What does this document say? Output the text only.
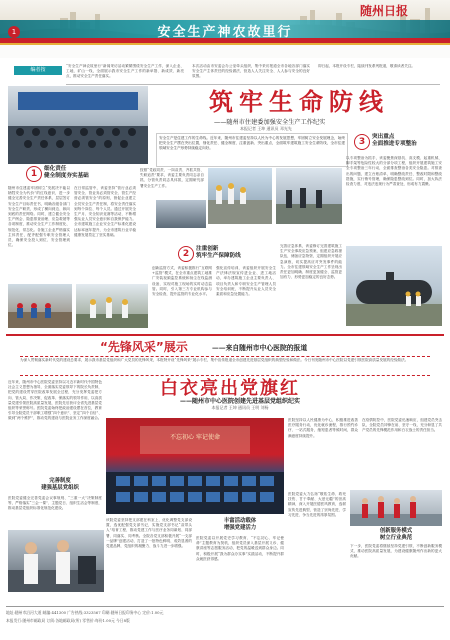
安全生产神农故里行
随州日报
1
编者按
“安全生产神农故里行”新闻采访活动紧紧围绕安全生产工作，深入企业、工地、矿山一线，全面展示我市安全生产工作的新举措、新成效、新亮点，推动安全生产责任落实。
本次活动由市安委会办公室牵头组织，集中采访报道全市各地各部门落实安全生产主体责任的经验做法，营造人人关注安全、人人参与安全的良好氛围。
即日起，本报开设专栏，陆续刊发系列报道，敬请读者关注。
筑牢生命防线
——随州市住建委加强安全生产工作纪实
本报记者 王坤 通讯员 邓光先
安全生产是住建工作的生命线。近年来，随州市住建委坚持以人民为中心的发展思想，牢固树立安全发展理念，始终把安全生产摆在突出位置，细化责任、健全制度、注重创新、突出重点，全面筑牢建筑施工安全生命防线，全市住建领域安全生产形势持续稳定向好。
3	突出重点
全面推进专项整治
1	细化责任
健全制度夯实基础
随州市住建委牢固树立“发展决不能以牺牲安全为代价”的红线意识，进一步健全完善安全生产责任体系，层层签订安全生产目标责任书，明确各级各部门安全生产职责，形成了横向到边、纵向到底的责任网络。同时，建立健全安全生产例会、隐患排查治理、应急救援等各项制度，推动安全生产工作制度化、规范化、常态化。各施工企业严格落实主体责任，配齐配强专职安全管理人员，确保安全投入到位、安全管理到位。
在日常监管中，该委坚持“管行业必须管安全、管业务必须管安全、管生产经营必须管安全”的原则，督促企业建立全员安全生产责任制，将安全责任落实到每个岗位、每个人员。通过开展安全生产月、安全知识竞赛等活动，不断增强从业人员安全意识和自我保护能力。全市建筑施工企业安全生产标准化建设达标率逐年提升，为全市建筑行业平稳健康发展奠定了坚实基础。
按照“党政同责、一岗双责、齐抓共管、失职追责”要求，该委主要负责同志亲自抓、分管负责同志具体抓，定期研究部署安全生产工作。
以专项整治为抓手，该委聚焦深基坑、高支模、起重机械、脚手架等危险性较大的分部分项工程，组织开展建筑施工安全专项整治三年行动，全面排查整治各类安全隐患。对排查出的问题，建立台账清单，明确整改责任、整改时限和整改措施，实行销号管理，确保隐患整改到位。同时，加大执法检查力度，对违法违规行为严肃查处，形成有力震慑。
2	注重创新
筑牢生产保障防线
创新监管方式，该委积极推行“互联网+监管”模式，在全市重点建筑工地推广安装视频监控系统和扬尘在线监测设备，实现对施工现场的实时动态监管。同时，引入第三方专业机构参与安全检查，提升监管的专业化水平。
强化宣传培训，该委组织开展安全生产法律法规宣传进企业、进工地活动，举办建筑施工企业主要负责人、项目负责人和专职安全生产管理人员安全培训班，不断提升从业人员安全素质和应急处置能力。
完善应急体系，该委修订完善建筑施工生产安全事故应急预案，组建应急救援队伍，储备应急物资，定期组织开展应急演练，切实提高应对突发事件的能力。全市住建领域安全生产工作呈现出责任更加明确、制度更加健全、监管更加有力、形势更加稳定的良好态势。
“先锋风采”展示	——来自随州市中心医院的报道
为深入贯彻落实新时代党的建设总要求，展示我市基层党组织和广大党员的先锋风采，本报特开设“先锋风采”展示专栏，集中宣传报道全市创建先进基层党组织的典型经验和做法。今日刊发随州市中心医院以党建引领医院高质量发展的经验做法。
白衣亮出党旗红
——随州市中心医院创建先进基层党组织纪实
本报记者 王坤 通讯员 王明 刘杨
近年来，随州市中心医院党委坚持以习近平新时代中国特色社会主义思想为指导，全面落实党委领导下的院长负责制，把党的建设贯穿医院改革发展全过程，充分发挥党委把方向、管大局、作决策、促改革、保落实的领导作用，以高质量党建引领医院高质量发展，医院先后获评全省先进基层党组织等荣誉称号。医院党委始终把政治建设摆在首位，教育引导全院党员干部职工增强“四个意识”、坚定“四个自信”、做到“两个维护”，推动党的建设与医院业务工作深度融合。
完善制度
建强基层党组织
医院党委健全完善党委会议事规则、“三重一大”决策制度等，严格落实“三会一课”、主题党日、组织生活会等制度，推动基层党组织标准化规范化建设。
不忘初心 牢记使命
该院党委坚持把支部建在科室上，优化调整党支部设置，选优配强党支部书记，实施党支部书记“双带头人”培育工程，推动党建工作与医疗业务同谋划、同部署、同落实、同考核。全院各党支部积极开展“一支部一品牌”创建活动，打造了一批特色鲜明、成效显著的党建品牌，党组织的凝聚力、战斗力进一步增强。
丰富活动载体
增强党建活力
医院党委以开展党史学习教育、“不忘初心、牢记使命”主题教育为契机，组织党员深入基层开展义诊、健康讲座等志愿服务活动，把党的温暖送到群众身边。同时，积极开展“我为群众办实事”实践活动，不断提升群众就医获得感。
医院坚持以人民健康为中心，积极推进改善医疗服务行动，优化就诊流程，推行预约诊疗、一站式服务，缩短患者等候时间，群众满意度持续提升。
在疫情防控中，医院党委迅速响应，组建党员突击队，全院党员冲锋在前、坚守一线，充分彰显了共产党员的先锋模范作用和白衣战士的责任担当。
创新服务模式
树立行业典范
医院党委大力弘扬“敬佑生命、救死扶伤、甘于奉献、大爱无疆”的崇高精神，深入开展医德医风教育，选树宣传先进典型，营造了崇尚先进、学习先进、争当先进的浓厚氛围。
下一步，医院党委将继续坚持党建引领，不断创新服务模式，推动医院高质量发展，为建设健康随州作出新的更大贡献。
地址:随州市沿河大道 邮编:441300 广告热线:3323567 印刷:随州日报印务中心 定价:1.00元
本报发行:随州市邮政局 订阅:各地邮政局(所) 零售价:每份1.00元 今日8版
